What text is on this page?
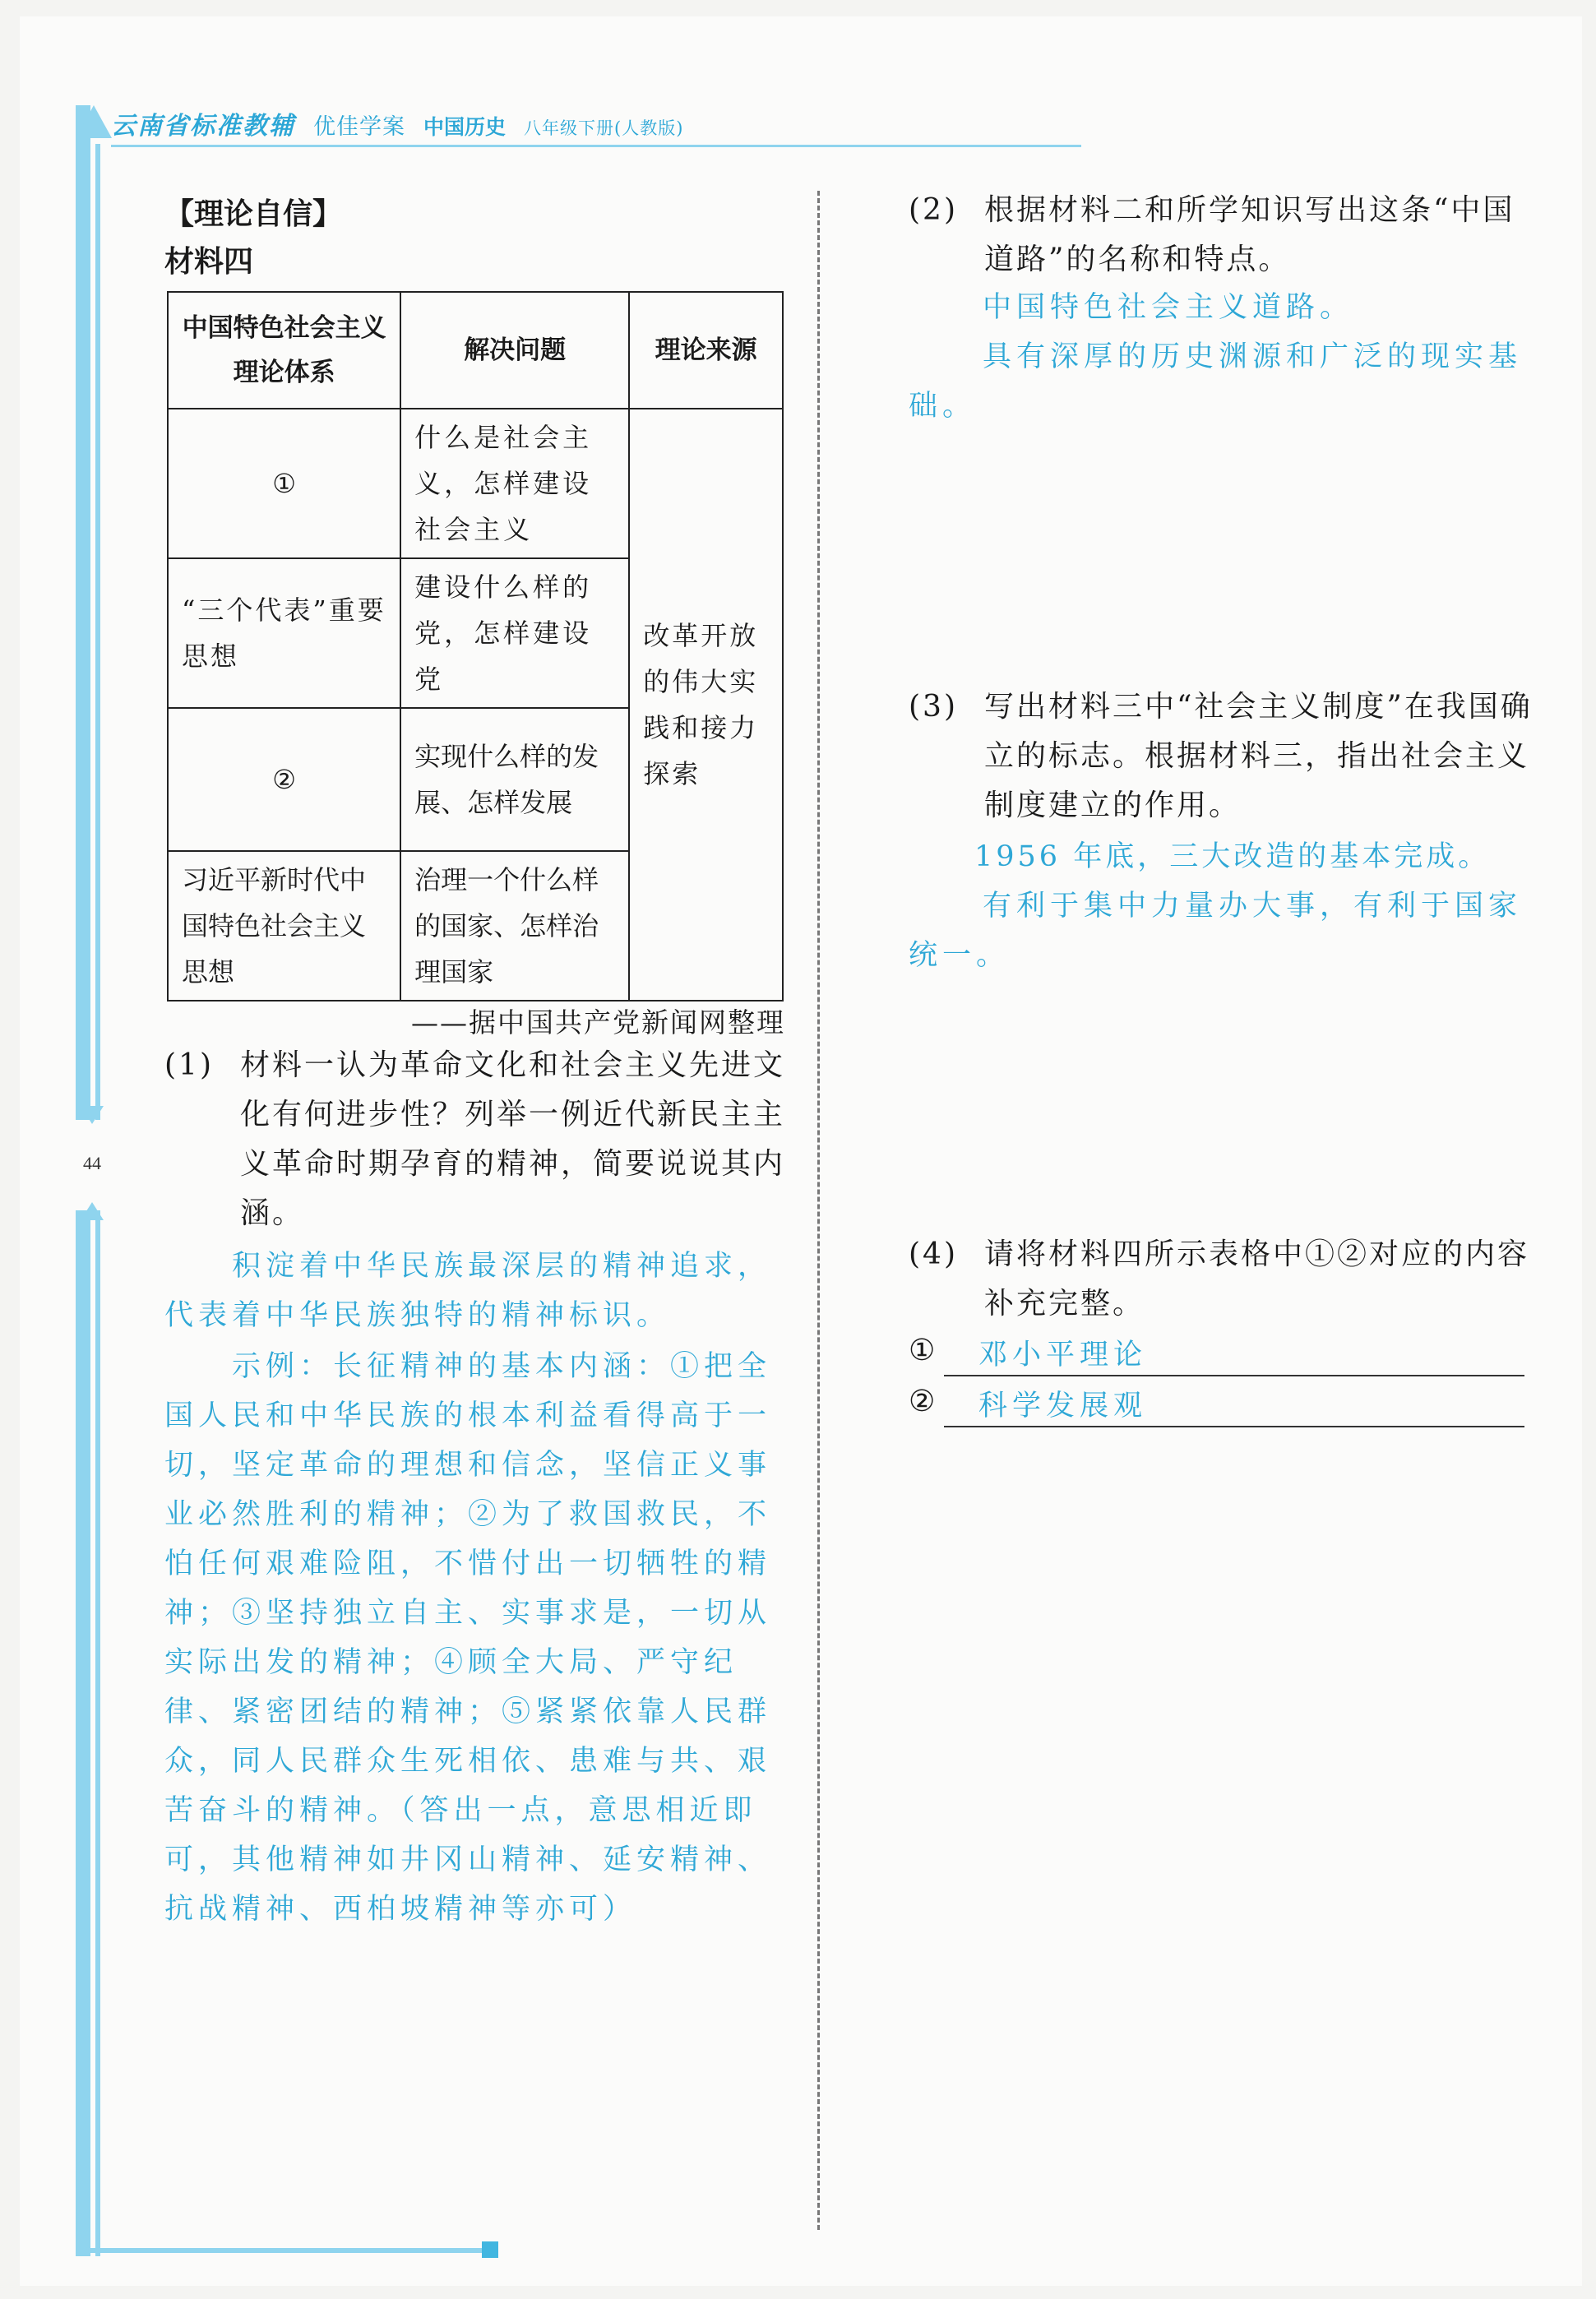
44
云南省标准教辅 优佳学案 中国历史 八年级下册(人教版)
【理论自信】
材料四
中国特色社会主义理论体系	解决问题	理论来源
①	什么是社会主义，怎样建设社会主义	
“三个代表”重要思想	建设什么样的党，怎样建设党	改革开放的伟大实践和接力探索
②	实现什么样的发展、怎样发展	
习近平新时代中国特色社会主义思想	治理一个什么样的国家、怎样治理国家	
——据中国共产党新闻网整理
(1) 材料一认为革命文化和社会主义先进文化有何进步性？列举一例近代新民主主义革命时期孕育的精神，简要说说其内涵。
积淀着中华民族最深层的精神追求，代表着中华民族独特的精神标识。
示例：长征精神的基本内涵：①把全国人民和中华民族的根本利益看得高于一切，坚定革命的理想和信念，坚信正义事业必然胜利的精神；②为了救国救民，不怕任何艰难险阻，不惜付出一切牺牲的精神；③坚持独立自主、实事求是，一切从实际出发的精神；④顾全大局、严守纪律、紧密团结的精神；⑤紧紧依靠人民群众，同人民群众生死相依、患难与共、艰苦奋斗的精神。（答出一点，意思相近即可，其他精神如井冈山精神、延安精神、抗战精神、西柏坡精神等亦可）
(2) 根据材料二和所学知识写出这条“中国道路”的名称和特点。
中国特色社会主义道路。
具有深厚的历史渊源和广泛的现实基础。
(3) 写出材料三中“社会主义制度”在我国确立的标志。根据材料三，指出社会主义制度建立的作用。
1956 年底，三大改造的基本完成。
有利于集中力量办大事，有利于国家统一。
(4) 请将材料四所示表格中①②对应的内容补充完整。
① 邓小平理论
② 科学发展观
